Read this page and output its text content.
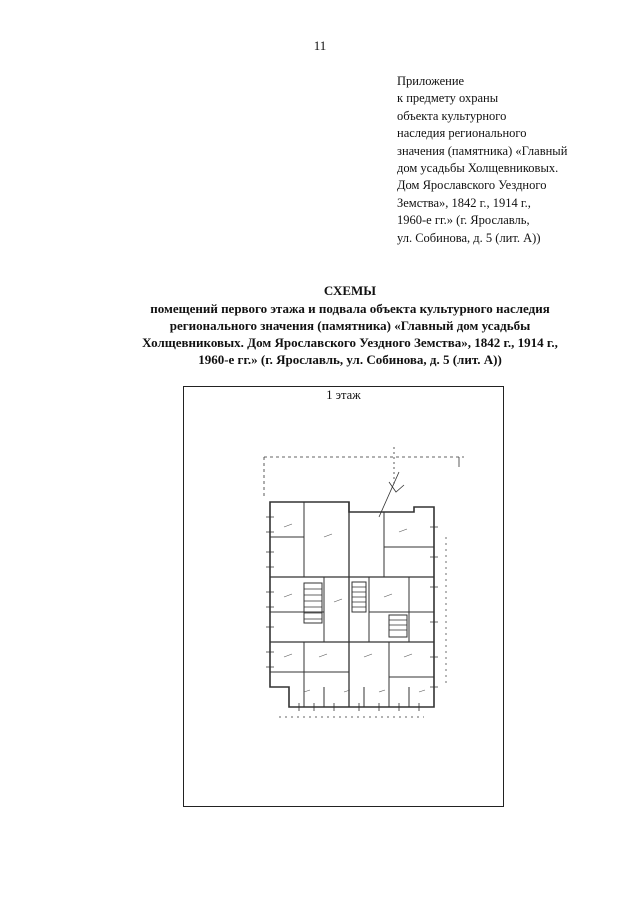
11
Приложение
к предмету охраны
объекта культурного
наследия регионального
значения (памятника) «Главный
дом усадьбы Холщевниковых.
Дом Ярославского Уездного
Земства», 1842 г., 1914 г.,
1960-е гг.» (г. Ярославль,
ул. Собинова, д. 5 (лит. А))
СХЕМЫ
помещений первого этажа и подвала объекта культурного наследия
регионального значения (памятника) «Главный дом усадьбы
Холщевниковых. Дом Ярославского Уездного Земства», 1842 г., 1914 г.,
1960-е гг.» (г. Ярославль, ул. Собинова, д. 5 (лит. А))
1 этаж
